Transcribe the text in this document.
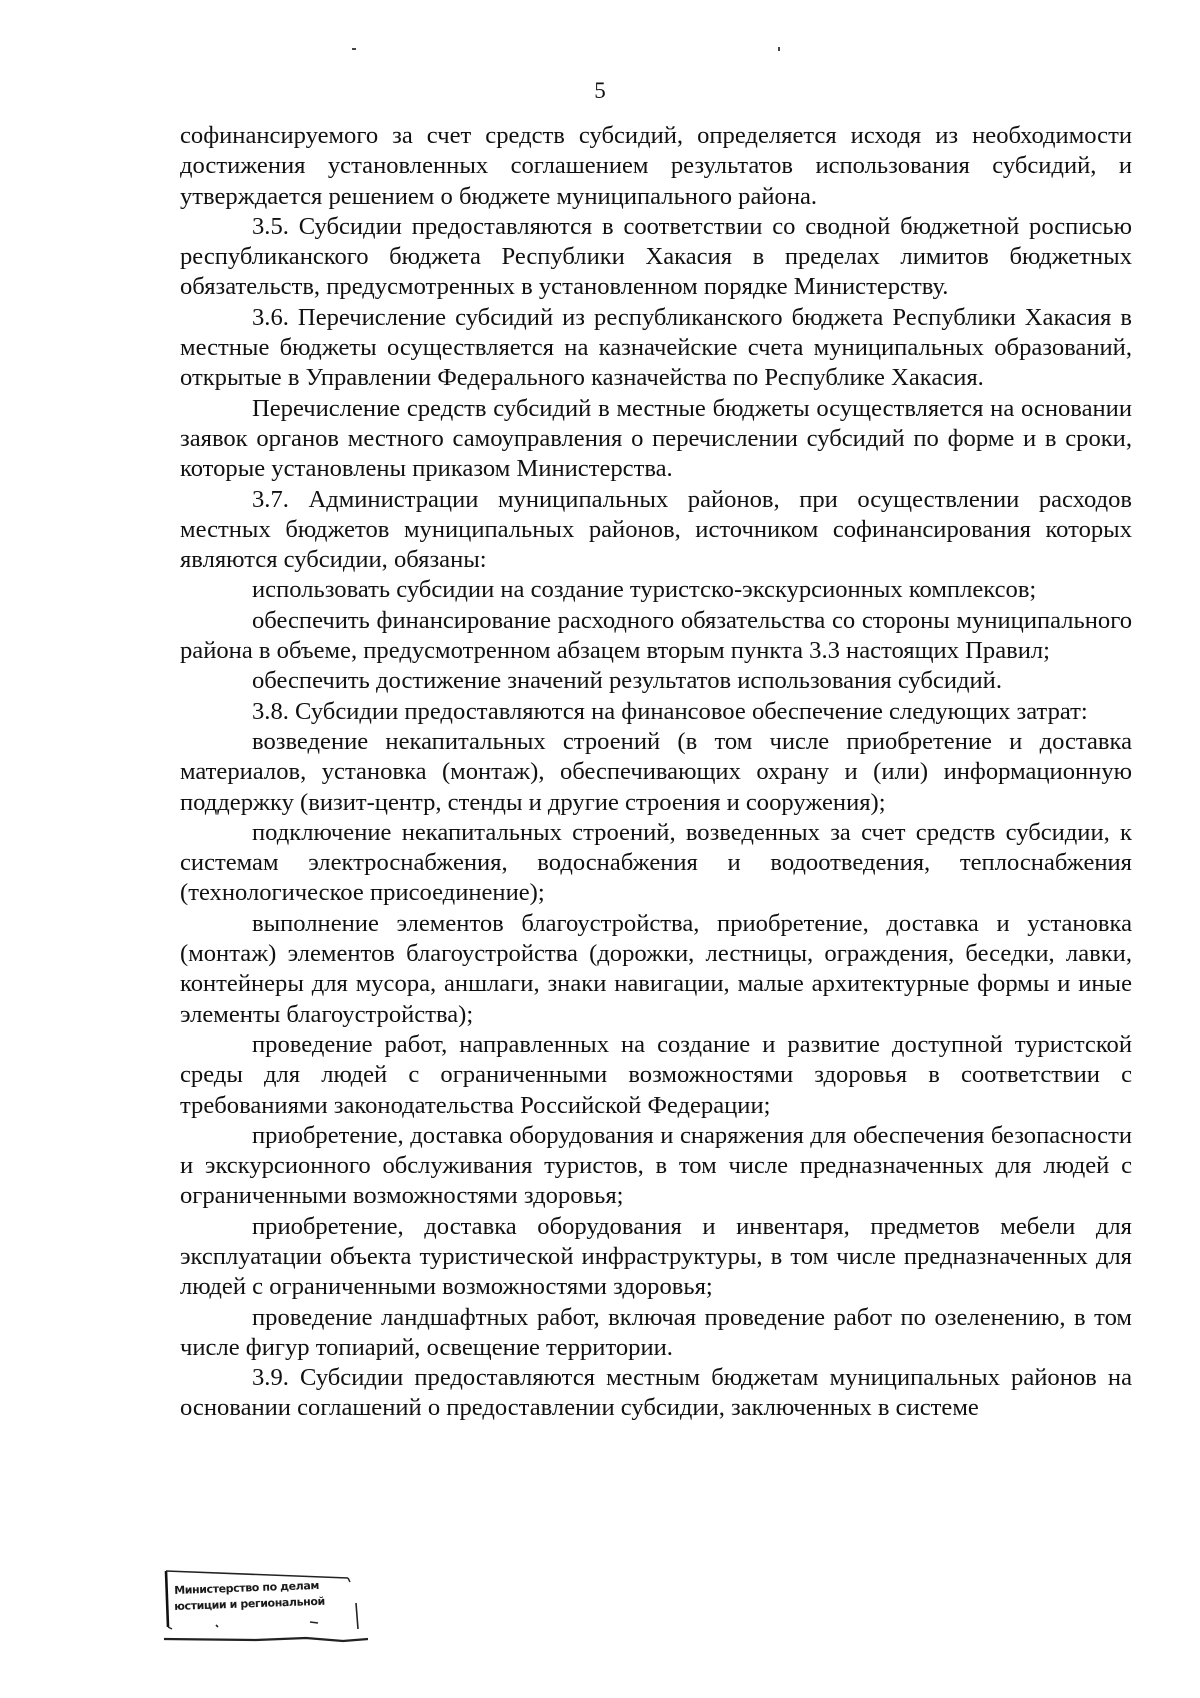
5

софинансируемого за счет средств субсидий, определяется исходя из необходимости достижения установленных соглашением результатов использования субсидий, и утверждается решением о бюджете муниципального района.

3.5. Субсидии предоставляются в соответствии со сводной бюджетной росписью республиканского бюджета Республики Хакасия в пределах лимитов бюджетных обязательств, предусмотренных в установленном порядке Министерству.

3.6. Перечисление субсидий из республиканского бюджета Республики Хакасия в местные бюджеты осуществляется на казначейские счета муниципальных образований, открытые в Управлении Федерального казначейства по Республике Хакасия.

Перечисление средств субсидий в местные бюджеты осуществляется на основании заявок органов местного самоуправления о перечислении субсидий по форме и в сроки, которые установлены приказом Министерства.

3.7. Администрации муниципальных районов, при осуществлении расходов местных бюджетов муниципальных районов, источником софинансирования которых являются субсидии, обязаны:

использовать субсидии на создание туристско-экскурсионных комплексов;

обеспечить финансирование расходного обязательства со стороны муниципального района в объеме, предусмотренном абзацем вторым пункта 3.3 настоящих Правил;

обеспечить достижение значений результатов использования субсидий.

3.8. Субсидии предоставляются на финансовое обеспечение следующих затрат:

возведение некапитальных строений (в том числе приобретение и доставка материалов, установка (монтаж), обеспечивающих охрану и (или) информационную поддержку (визит-центр, стенды и другие строения и сооружения);

подключение некапитальных строений, возведенных за счет средств субсидии, к системам электроснабжения, водоснабжения и водоотведения, теплоснабжения (технологическое присоединение);

выполнение элементов благоустройства, приобретение, доставка и установка (монтаж) элементов благоустройства (дорожки, лестницы, ограждения, беседки, лавки, контейнеры для мусора, аншлаги, знаки навигации, малые архитектурные формы и иные элементы благоустройства);

проведение работ, направленных на создание и развитие доступной туристской среды для людей с ограниченными возможностями здоровья в соответствии с требованиями законодательства Российской Федерации;

приобретение, доставка оборудования и снаряжения для обеспечения безопасности и экскурсионного обслуживания туристов, в том числе предназначенных для людей с ограниченными возможностями здоровья;

приобретение, доставка оборудования и инвентаря, предметов мебели для эксплуатации объекта туристической инфраструктуры, в том числе предназначенных для людей с ограниченными возможностями здоровья;

проведение ландшафтных работ, включая проведение работ по озеленению, в том числе фигур топиарий, освещение территории.

3.9. Субсидии предоставляются местным бюджетам муниципальных районов на основании соглашений о предоставлении субсидии, заключенных в системе

Министерство по делам
юстиции и региональной
